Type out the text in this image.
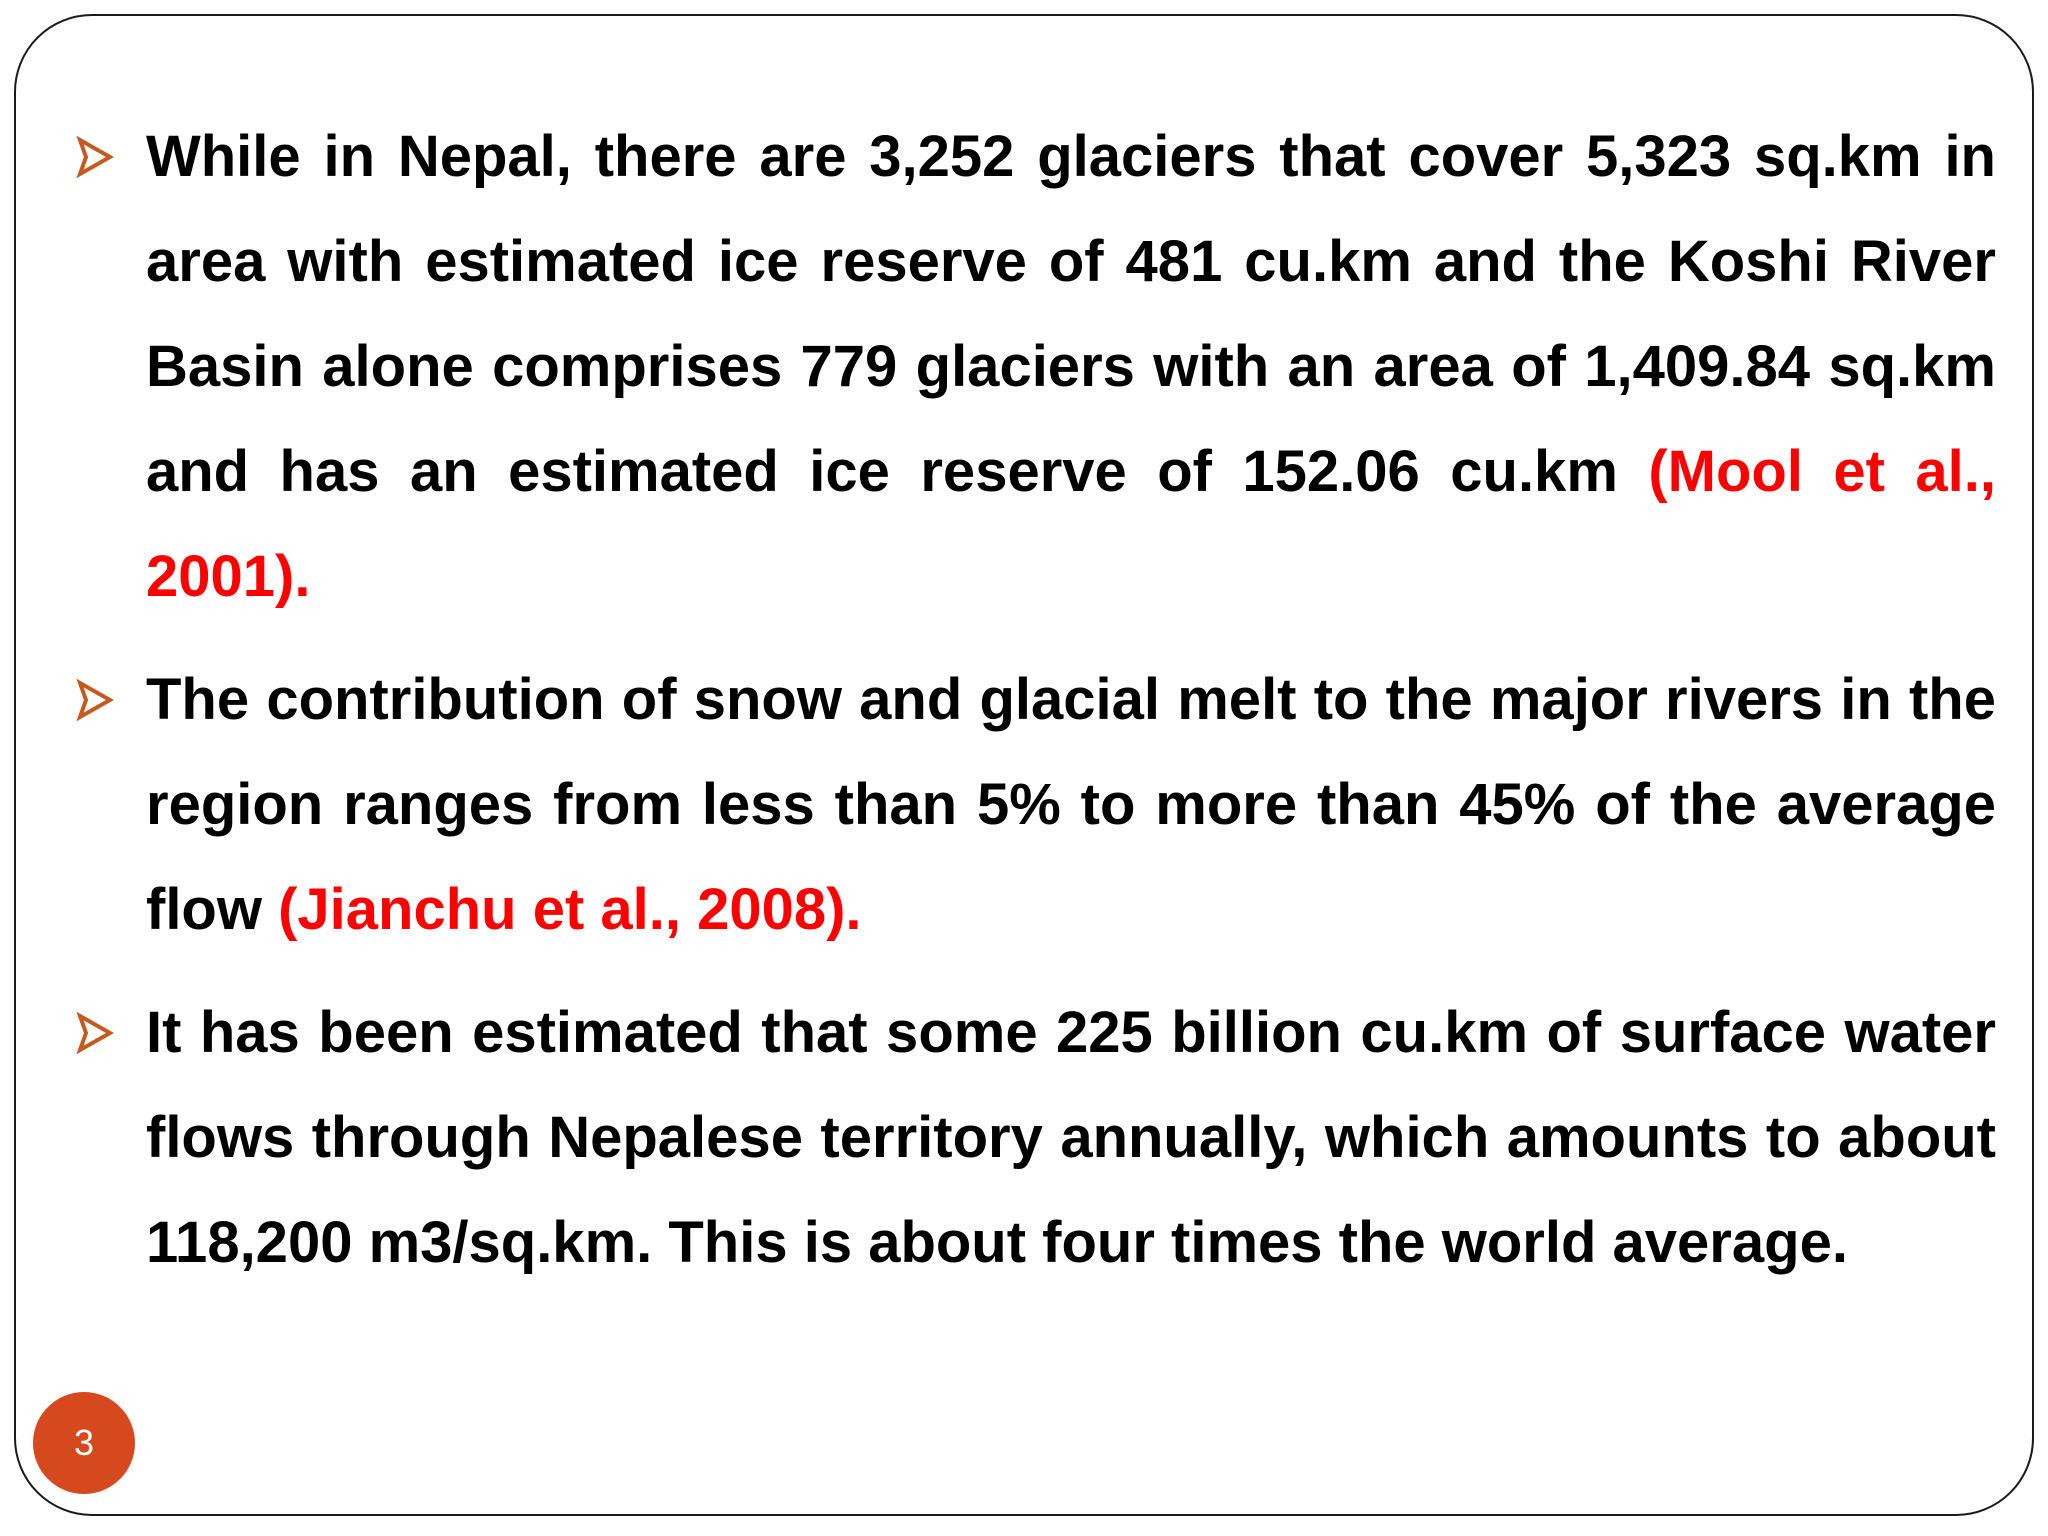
While in Nepal, there are 3,252 glaciers that cover 5,323 sq.km in area with estimated ice reserve of 481 cu.km and the Koshi River Basin alone comprises 779 glaciers with an area of 1,409.84 sq.km and has an estimated ice reserve of 152.06 cu.km (Mool et al., 2001).

The contribution of snow and glacial melt to the major rivers in the region ranges from less than 5% to more than 45% of the average flow (Jianchu et al., 2008).

It has been estimated that some 225 billion cu.km of surface water flows through Nepalese territory annually, which amounts to about 118,200 m3/sq.km. This is about four times the world average.

3
